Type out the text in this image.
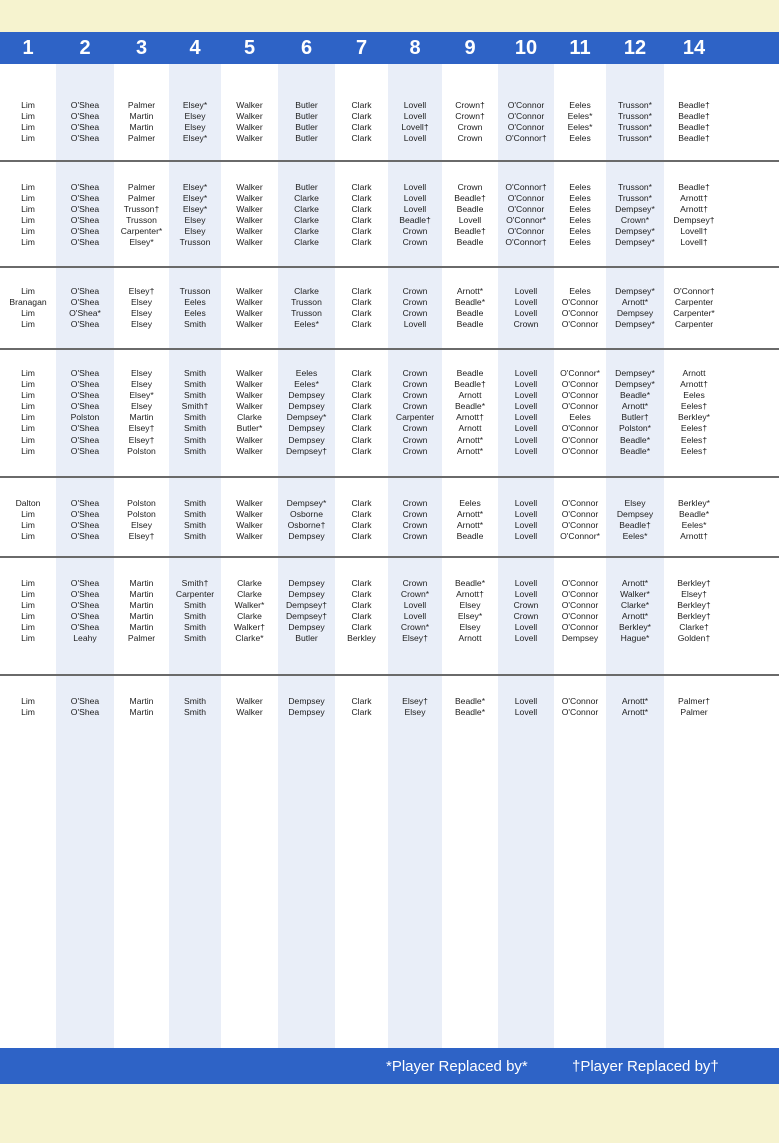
1	2	3	4	5	6	7	8	9	10	11	12	14
Lim	O'Shea	Palmer	Elsey*	Walker	Butler	Clark	Lovell	Crown†	O'Connor	Eeles	Trusson*	Beadle†
Lim	O'Shea	Martin	Elsey	Walker	Butler	Clark	Lovell	Crown†	O'Connor	Eeles*	Trusson*	Beadle†
Lim	O'Shea	Martin	Elsey	Walker	Butler	Clark	Lovell†	Crown	O'Connor	Eeles*	Trusson*	Beadle†
Lim	O'Shea	Palmer	Elsey*	Walker	Butler	Clark	Lovell	Crown	O'Connor†	Eeles	Trusson*	Beadle†
Lim	O'Shea	Palmer	Elsey*	Walker	Butler	Clark	Lovell	Crown	O'Connor†	Eeles	Trusson*	Beadle†
Lim	O'Shea	Palmer	Elsey*	Walker	Clarke	Clark	Lovell	Beadle†	O'Connor	Eeles	Trusson*	Arnott†
Lim	O'Shea	Trusson†	Elsey*	Walker	Clarke	Clark	Lovell	Beadle	O'Connor	Eeles	Dempsey*	Arnott†
Lim	O'Shea	Trusson	Elsey	Walker	Clarke	Clark	Beadle†	Lovell	O'Connor*	Eeles	Crown*	Dempsey†
Lim	O'Shea	Carpenter*	Elsey	Walker	Clarke	Clark	Crown	Beadle†	O'Connor	Eeles	Dempsey*	Lovell†
Lim	O'Shea	Elsey*	Trusson	Walker	Clarke	Clark	Crown	Beadle	O'Connor†	Eeles	Dempsey*	Lovell†
Lim	O'Shea	Elsey†	Trusson	Walker	Clarke	Clark	Crown	Arnott*	Lovell	Eeles	Dempsey*	O'Connor†
Branagan	O'Shea	Elsey	Eeles	Walker	Trusson	Clark	Crown	Beadle*	Lovell	O'Connor	Arnott*	Carpenter
Lim	O'Shea*	Elsey	Eeles	Walker	Trusson	Clark	Crown	Beadle	Lovell	O'Connor	Dempsey	Carpenter*
Lim	O'Shea	Elsey	Smith	Walker	Eeles*	Clark	Lovell	Beadle	Crown	O'Connor	Dempsey*	Carpenter
Lim	O'Shea	Elsey	Smith	Walker	Eeles	Clark	Crown	Beadle	Lovell	O'Connor*	Dempsey*	Arnott
Lim	O'Shea	Elsey	Smith	Walker	Eeles*	Clark	Crown	Beadle†	Lovell	O'Connor	Dempsey*	Arnott†
Lim	O'Shea	Elsey*	Smith	Walker	Dempsey	Clark	Crown	Arnott	Lovell	O'Connor	Beadle*	Eeles
Lim	O'Shea	Elsey	Smith†	Walker	Dempsey	Clark	Crown	Beadle*	Lovell	O'Connor	Arnott*	Eeles†
Lim	Polston	Martin	Smith	Clarke	Dempsey*	Clark	Carpenter	Arnott†	Lovell	Eeles	Butler†	Berkley*
Lim	O'Shea	Elsey†	Smith	Butler*	Dempsey	Clark	Crown	Arnott	Lovell	O'Connor	Polston*	Eeles†
Lim	O'Shea	Elsey†	Smith	Walker	Dempsey	Clark	Crown	Arnott*	Lovell	O'Connor	Beadle*	Eeles†
Lim	O'Shea	Polston	Smith	Walker	Dempsey†	Clark	Crown	Arnott*	Lovell	O'Connor	Beadle*	Eeles†
Dalton	O'Shea	Polston	Smith	Walker	Dempsey*	Clark	Crown	Eeles	Lovell	O'Connor	Elsey	Berkley*
Lim	O'Shea	Polston	Smith	Walker	Osborne	Clark	Crown	Arnott*	Lovell	O'Connor	Dempsey	Beadle*
Lim	O'Shea	Elsey	Smith	Walker	Osborne†	Clark	Crown	Arnott*	Lovell	O'Connor	Beadle†	Eeles*
Lim	O'Shea	Elsey†	Smith	Walker	Dempsey	Clark	Crown	Beadle	Lovell	O'Connor*	Eeles*	Arnott†
Lim	O'Shea	Martin	Smith†	Clarke	Dempsey	Clark	Crown	Beadle*	Lovell	O'Connor	Arnott*	Berkley†
Lim	O'Shea	Martin	Carpenter	Clarke	Dempsey	Clark	Crown*	Arnott†	Lovell	O'Connor	Walker*	Elsey†
Lim	O'Shea	Martin	Smith	Walker*	Dempsey†	Clark	Lovell	Elsey	Crown	O'Connor	Clarke*	Berkley†
Lim	O'Shea	Martin	Smith	Clarke	Dempsey†	Clark	Lovell	Elsey*	Crown	O'Connor	Arnott*	Berkley†
Lim	O'Shea	Martin	Smith	Walker†	Dempsey	Clark	Crown*	Elsey	Lovell	O'Connor	Berkley*	Clarke†
Lim	Leahy	Palmer	Smith	Clarke*	Butler	Berkley	Elsey†	Arnott	Lovell	Dempsey	Hague*	Golden†
Lim	O'Shea	Martin	Smith	Walker	Dempsey	Clark	Elsey†	Beadle*	Lovell	O'Connor	Arnott*	Palmer†
Lim	O'Shea	Martin	Smith	Walker	Dempsey	Clark	Elsey	Beadle*	Lovell	O'Connor	Arnott*	Palmer
*Player Replaced by*	†Player Replaced by†
